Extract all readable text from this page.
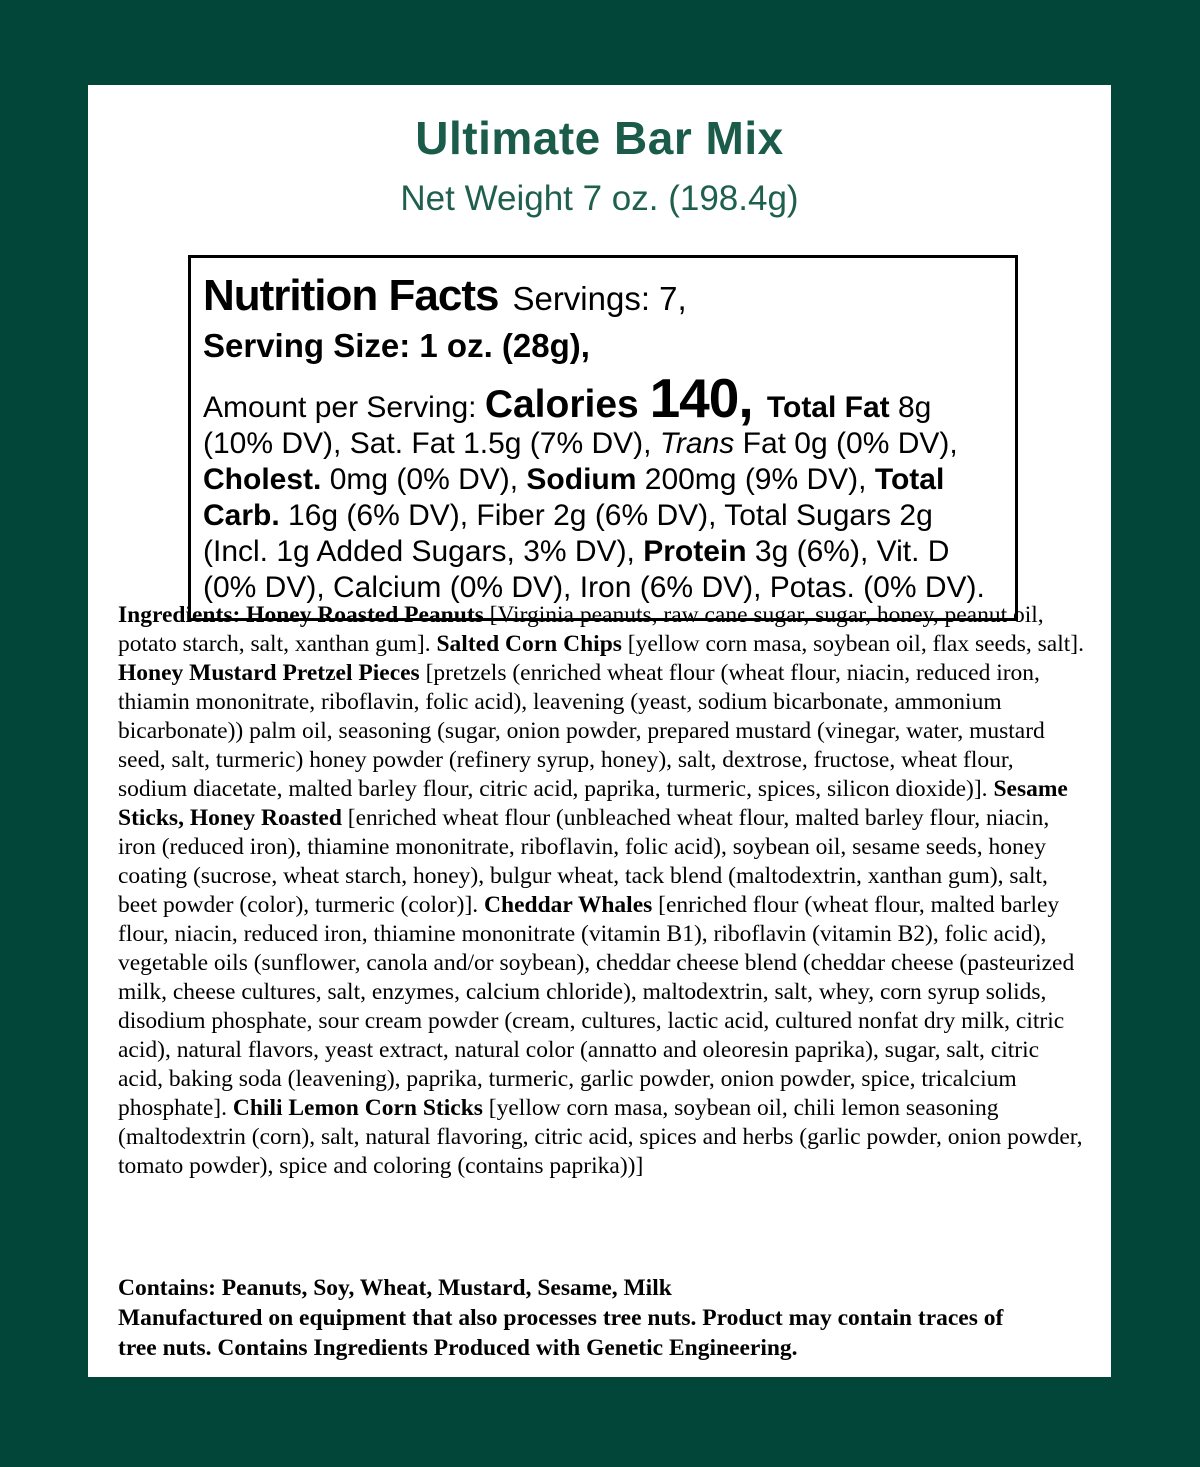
Ultimate Bar Mix
Net Weight 7 oz. (198.4g)
Nutrition Facts Servings: 7,
Serving Size: 1 oz. (28g),
Amount per Serving: Calories 140, Total Fat 8g (10% DV), Sat. Fat 1.5g (7% DV), Trans Fat 0g (0% DV), Cholest. 0mg (0% DV), Sodium 200mg (9% DV), Total Carb. 16g (6% DV), Fiber 2g (6% DV), Total Sugars 2g (Incl. 1g Added Sugars, 3% DV), Protein 3g (6%), Vit. D (0% DV), Calcium (0% DV), Iron (6% DV), Potas. (0% DV).
Ingredients: Honey Roasted Peanuts [Virginia peanuts, raw cane sugar, sugar, honey, peanut oil, potato starch, salt, xanthan gum]. Salted Corn Chips [yellow corn masa, soybean oil, flax seeds, salt]. Honey Mustard Pretzel Pieces [pretzels (enriched wheat flour (wheat flour, niacin, reduced iron, thiamin mononitrate, riboflavin, folic acid), leavening (yeast, sodium bicarbonate, ammonium bicarbonate)) palm oil, seasoning (sugar, onion powder, prepared mustard (vinegar, water, mustard seed, salt, turmeric) honey powder (refinery syrup, honey), salt, dextrose, fructose, wheat flour, sodium diacetate, malted barley flour, citric acid, paprika, turmeric, spices, silicon dioxide)]. Sesame Sticks, Honey Roasted [enriched wheat flour (unbleached wheat flour, malted barley flour, niacin, iron (reduced iron), thiamine mononitrate, riboflavin, folic acid), soybean oil, sesame seeds, honey coating (sucrose, wheat starch, honey), bulgur wheat, tack blend (maltodextrin, xanthan gum), salt, beet powder (color), turmeric (color)]. Cheddar Whales [enriched flour (wheat flour, malted barley flour, niacin, reduced iron, thiamine mononitrate (vitamin B1), riboflavin (vitamin B2), folic acid), vegetable oils (sunflower, canola and/or soybean), cheddar cheese blend (cheddar cheese (pasteurized milk, cheese cultures, salt, enzymes, calcium chloride), maltodextrin, salt, whey, corn syrup solids, disodium phosphate, sour cream powder (cream, cultures, lactic acid, cultured nonfat dry milk, citric acid), natural flavors, yeast extract, natural color (annatto and oleoresin paprika), sugar, salt, citric acid, baking soda (leavening), paprika, turmeric, garlic powder, onion powder, spice, tricalcium phosphate]. Chili Lemon Corn Sticks [yellow corn masa, soybean oil, chili lemon seasoning (maltodextrin (corn), salt, natural flavoring, citric acid, spices and herbs (garlic powder, onion powder, tomato powder), spice and coloring (contains paprika))]
Contains: Peanuts, Soy, Wheat, Mustard, Sesame, Milk
Manufactured on equipment that also processes tree nuts. Product may contain traces of tree nuts. Contains Ingredients Produced with Genetic Engineering.
